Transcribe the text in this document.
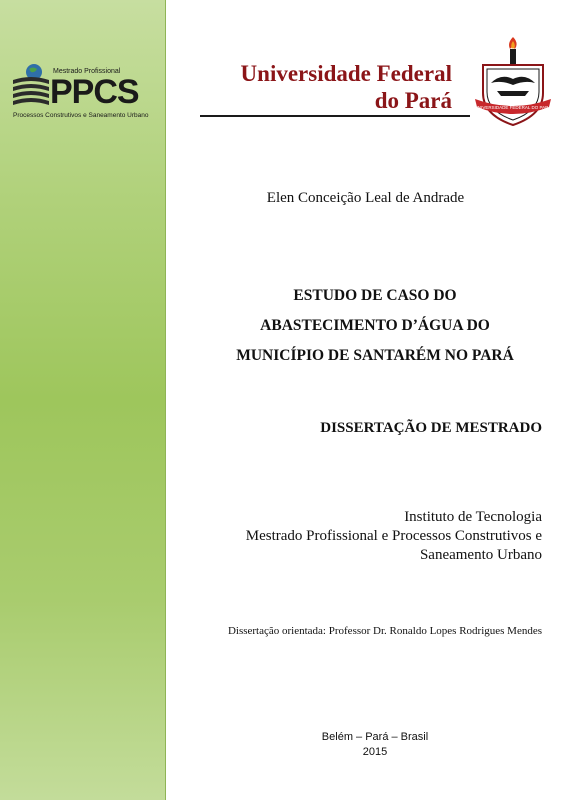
Mestrado Profissional
PPCS
Processos Construtivos e Saneamento Urbano
Universidade Federal
do Pará	UNIVERSIDADE FEDERAL DO PARÁ
Elen Conceição Leal de Andrade
ESTUDO DE CASO DO
ABASTECIMENTO D’ÁGUA DO
MUNICÍPIO DE SANTARÉM NO PARÁ
DISSERTAÇÃO DE MESTRADO
Instituto de Tecnologia
Mestrado Profissional e Processos Construtivos e
Saneamento Urbano
Dissertação orientada: Professor Dr. Ronaldo Lopes Rodrigues Mendes
Belém – Pará – Brasil
2015
